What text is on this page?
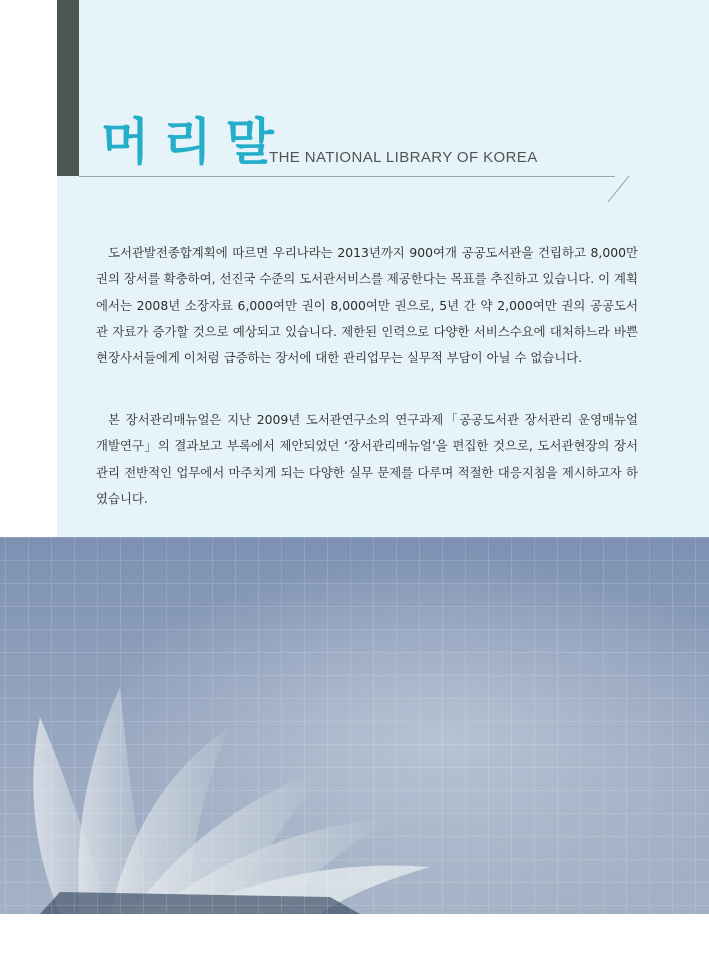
머리말
THE NATIONAL LIBRARY OF KOREA

도서관발전종합계획에 따르면 우리나라는 2013년까지 900여개 공공도서관을 건립하고 8,000만권의 장서를 확충하여, 선진국 수준의 도서관서비스를 제공한다는 목표를 추진하고 있습니다. 이 계획에서는 2008년 소장자료 6,000여만 권이 8,000여만 권으로, 5년 간 약 2,000여만 권의 공공도서관 자료가 증가할 것으로 예상되고 있습니다. 제한된 인력으로 다양한 서비스수요에 대처하느라 바쁜 현장사서들에게 이처럼 급증하는 장서에 대한 관리업무는 실무적 부담이 아닐 수 없습니다.

본 장서관리매뉴얼은 지난 2009년 도서관연구소의 연구과제「공공도서관 장서관리 운영매뉴얼 개발연구」의 결과보고 부록에서 제안되었던 ‘장서관리매뉴얼’을 편집한 것으로, 도서관현장의 장서관리 전반적인 업무에서 마주치게 되는 다양한 실무 문제를 다루며 적절한 대응지침을 제시하고자 하였습니다.
